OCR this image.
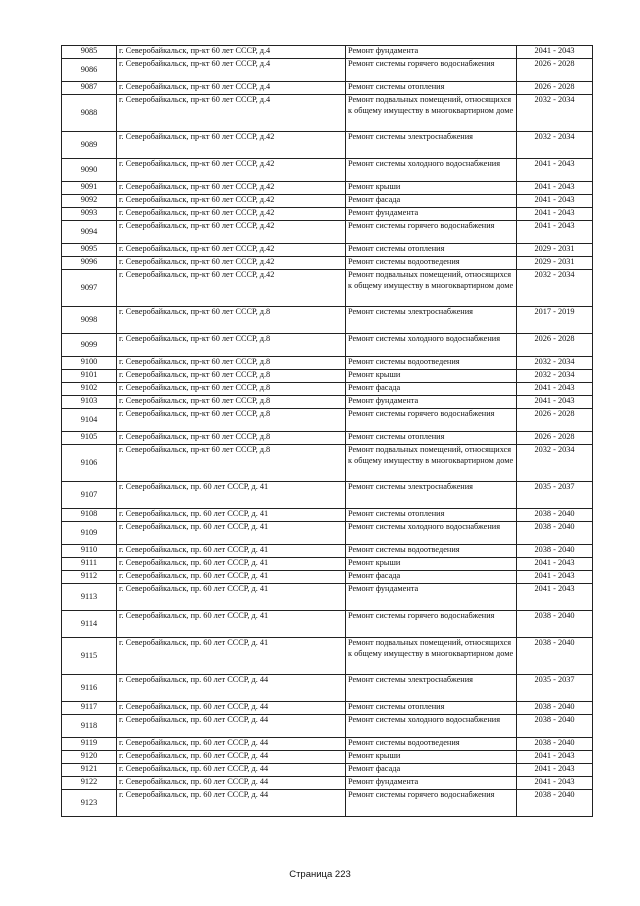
9085	г. Северобайкальск, пр-кт 60 лет СССР, д.4	Ремонт фундамента	2041 - 2043
9086	г. Северобайкальск, пр-кт 60 лет СССР, д.4	Ремонт системы горячего водоснабжения	2026 - 2028
9087	г. Северобайкальск, пр-кт 60 лет СССР, д.4	Ремонт системы отопления	2026 - 2028
9088	г. Северобайкальск, пр-кт 60 лет СССР, д.4	Ремонт подвальных помещений, относящихся к общему имуществу в многоквартирном доме	2032 - 2034
9089	г. Северобайкальск, пр-кт 60 лет СССР, д.42	Ремонт системы электроснабжения	2032 - 2034
9090	г. Северобайкальск, пр-кт 60 лет СССР, д.42	Ремонт системы холодного водоснабжения	2041 - 2043
9091	г. Северобайкальск, пр-кт 60 лет СССР, д.42	Ремонт крыши	2041 - 2043
9092	г. Северобайкальск, пр-кт 60 лет СССР, д.42	Ремонт фасада	2041 - 2043
9093	г. Северобайкальск, пр-кт 60 лет СССР, д.42	Ремонт фундамента	2041 - 2043
9094	г. Северобайкальск, пр-кт 60 лет СССР, д.42	Ремонт системы горячего водоснабжения	2041 - 2043
9095	г. Северобайкальск, пр-кт 60 лет СССР, д.42	Ремонт системы отопления	2029 - 2031
9096	г. Северобайкальск, пр-кт 60 лет СССР, д.42	Ремонт системы водоотведения	2029 - 2031
9097	г. Северобайкальск, пр-кт 60 лет СССР, д.42	Ремонт подвальных помещений, относящихся к общему имуществу в многоквартирном доме	2032 - 2034
9098	г. Северобайкальск, пр-кт 60 лет СССР, д.8	Ремонт системы электроснабжения	2017 - 2019
9099	г. Северобайкальск, пр-кт 60 лет СССР, д.8	Ремонт системы холодного водоснабжения	2026 - 2028
9100	г. Северобайкальск, пр-кт 60 лет СССР, д.8	Ремонт системы водоотведения	2032 - 2034
9101	г. Северобайкальск, пр-кт 60 лет СССР, д.8	Ремонт крыши	2032 - 2034
9102	г. Северобайкальск, пр-кт 60 лет СССР, д.8	Ремонт фасада	2041 - 2043
9103	г. Северобайкальск, пр-кт 60 лет СССР, д.8	Ремонт фундамента	2041 - 2043
9104	г. Северобайкальск, пр-кт 60 лет СССР, д.8	Ремонт системы горячего водоснабжения	2026 - 2028
9105	г. Северобайкальск, пр-кт 60 лет СССР, д.8	Ремонт системы отопления	2026 - 2028
9106	г. Северобайкальск, пр-кт 60 лет СССР, д.8	Ремонт подвальных помещений, относящихся к общему имуществу в многоквартирном доме	2032 - 2034
9107	г. Северобайкальск, пр. 60 лет СССР, д. 41	Ремонт системы электроснабжения	2035 - 2037
9108	г. Северобайкальск, пр. 60 лет СССР, д. 41	Ремонт системы отопления	2038 - 2040
9109	г. Северобайкальск, пр. 60 лет СССР, д. 41	Ремонт системы холодного водоснабжения	2038 - 2040
9110	г. Северобайкальск, пр. 60 лет СССР, д. 41	Ремонт системы водоотведения	2038 - 2040
9111	г. Северобайкальск, пр. 60 лет СССР, д. 41	Ремонт крыши	2041 - 2043
9112	г. Северобайкальск, пр. 60 лет СССР, д. 41	Ремонт фасада	2041 - 2043
9113	г. Северобайкальск, пр. 60 лет СССР, д. 41	Ремонт фундамента	2041 - 2043
9114	г. Северобайкальск, пр. 60 лет СССР, д. 41	Ремонт системы горячего водоснабжения	2038 - 2040
9115	г. Северобайкальск, пр. 60 лет СССР, д. 41	Ремонт подвальных помещений, относящихся к общему имуществу в многоквартирном доме	2038 - 2040
9116	г. Северобайкальск, пр. 60 лет СССР, д. 44	Ремонт системы электроснабжения	2035 - 2037
9117	г. Северобайкальск, пр. 60 лет СССР, д. 44	Ремонт системы отопления	2038 - 2040
9118	г. Северобайкальск, пр. 60 лет СССР, д. 44	Ремонт системы холодного водоснабжения	2038 - 2040
9119	г. Северобайкальск, пр. 60 лет СССР, д. 44	Ремонт системы водоотведения	2038 - 2040
9120	г. Северобайкальск, пр. 60 лет СССР, д. 44	Ремонт крыши	2041 - 2043
9121	г. Северобайкальск, пр. 60 лет СССР, д. 44	Ремонт фасада	2041 - 2043
9122	г. Северобайкальск, пр. 60 лет СССР, д. 44	Ремонт фундамента	2041 - 2043
9123	г. Северобайкальск, пр. 60 лет СССР, д. 44	Ремонт системы горячего водоснабжения	2038 - 2040
Страница 223
